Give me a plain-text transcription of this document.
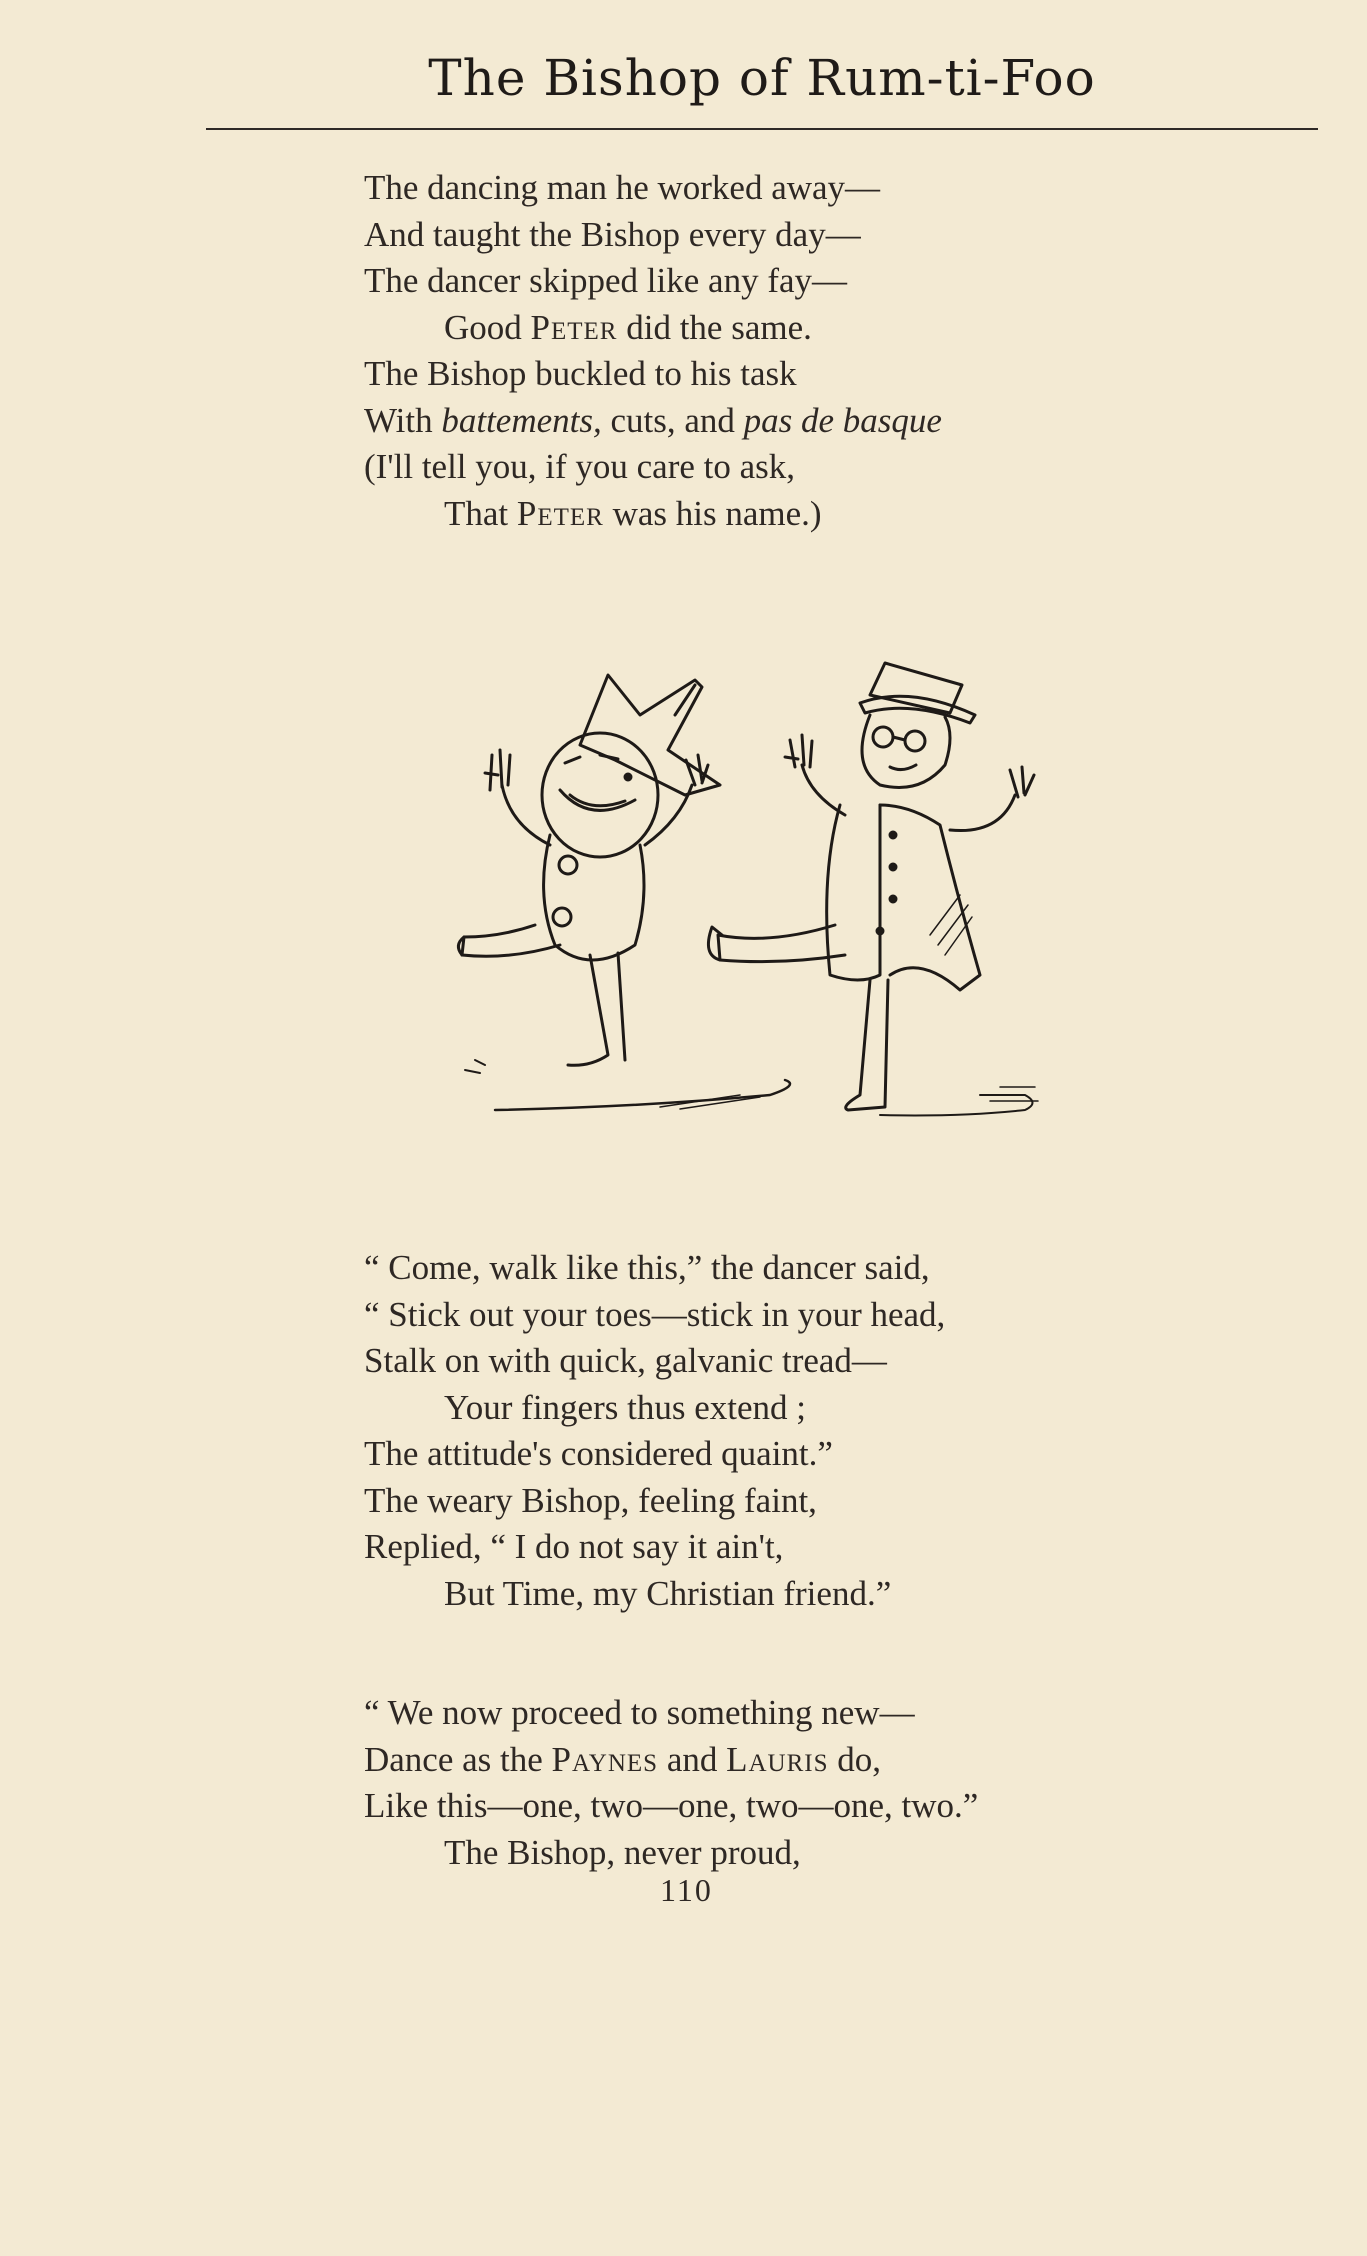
The Bishop of Rum-ti-Foo
The dancing man he worked away—
And taught the Bishop every day—
The dancer skipped like any fay—
Good Peter did the same.
The Bishop buckled to his task
With battements, cuts, and pas de basque
(I'll tell you, if you care to ask,
That Peter was his name.)
“ Come, walk like this,” the dancer said,
“ Stick out your toes—stick in your head,
Stalk on with quick, galvanic tread—
Your fingers thus extend ;
The attitude's considered quaint.”
The weary Bishop, feeling faint,
Replied, “ I do not say it ain't,
But Time, my Christian friend.”
“ We now proceed to something new—
Dance as the Paynes and Lauris do,
Like this—one, two—one, two—one, two.”
The Bishop, never proud,
110
